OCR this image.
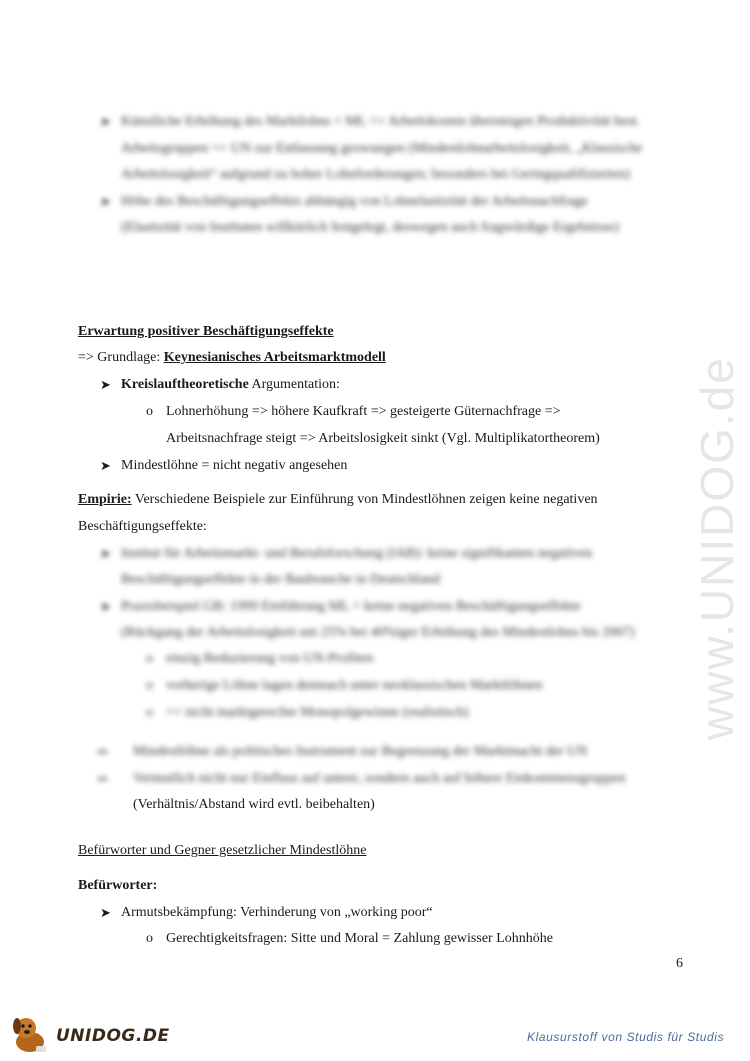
www.UNIDOG.de
➤ Künstliche Erhöhung des Marktlohns = ML => Arbeitskosten übersteigen Produktivität best.
Arbeitsgruppen => UN zur Entlassung gezwungen (Mindestlohnarbeitslosigkeit, „Klassische
Arbeitslosigkeit“ aufgrund zu hoher Lohnforderungen; besonders bei Geringqualifizierten)
➤ Höhe des Beschäftigungseffekts abhängig von Lohnelastizität der Arbeitsnachfrage
(Elastizität von Instituten willkürlich festgelegt, deswegen auch fragwürdige Ergebnisse)
Erwartung positiver Beschäftigungseffekte
=> Grundlage: Keynesianisches Arbeitsmarktmodell
➤ Kreislauftheoretische Argumentation:
o Lohnerhöhung => höhere Kaufkraft => gesteigerte Güternachfrage =>
Arbeitsnachfrage steigt => Arbeitslosigkeit sinkt (Vgl. Multiplikatortheorem)
➤ Mindestlöhne = nicht negativ angesehen
Empirie: Verschiedene Beispiele zur Einführung von Mindestlöhnen zeigen keine negativen
Beschäftigungseffekte:
➤ Institut für Arbeitsmarkt- und Berufsforschung (IAB): keine signifikanten negativen
Beschäftigungseffekte in der Baubranche in Deutschland
➤ Praxisbeispiel GB: 1999 Einführung ML = keine negativen Beschäftigungseffekte
(Rückgang der Arbeitslosigkeit um 25% bei 40%iger Erhöhung des Mindestlohns bis 2007)
o einzig Reduzierung von UN-Profiten
o vorherige Löhne lagen demnach unter neoklassischen Marktlöhnen
o => nicht marktgerechte Monopolgewinne (realistisch)
⇒ Mindestlöhne als politisches Instrument zur Begrenzung der Marktmacht der UN
⇒ Vermutlich nicht nur Einfluss auf untere, sondern auch auf höhere Einkommensgruppen
(Verhältnis/Abstand wird evtl. beibehalten)
Befürworter und Gegner gesetzlicher Mindestlöhne
Befürworter:
➤ Armutsbekämpfung: Verhinderung von „working poor“
o Gerechtigkeitsfragen: Sitte und Moral = Zahlung gewisser Lohnhöhe
6
UNIDOG.DE	Klausurstoff von Studis für Studis
